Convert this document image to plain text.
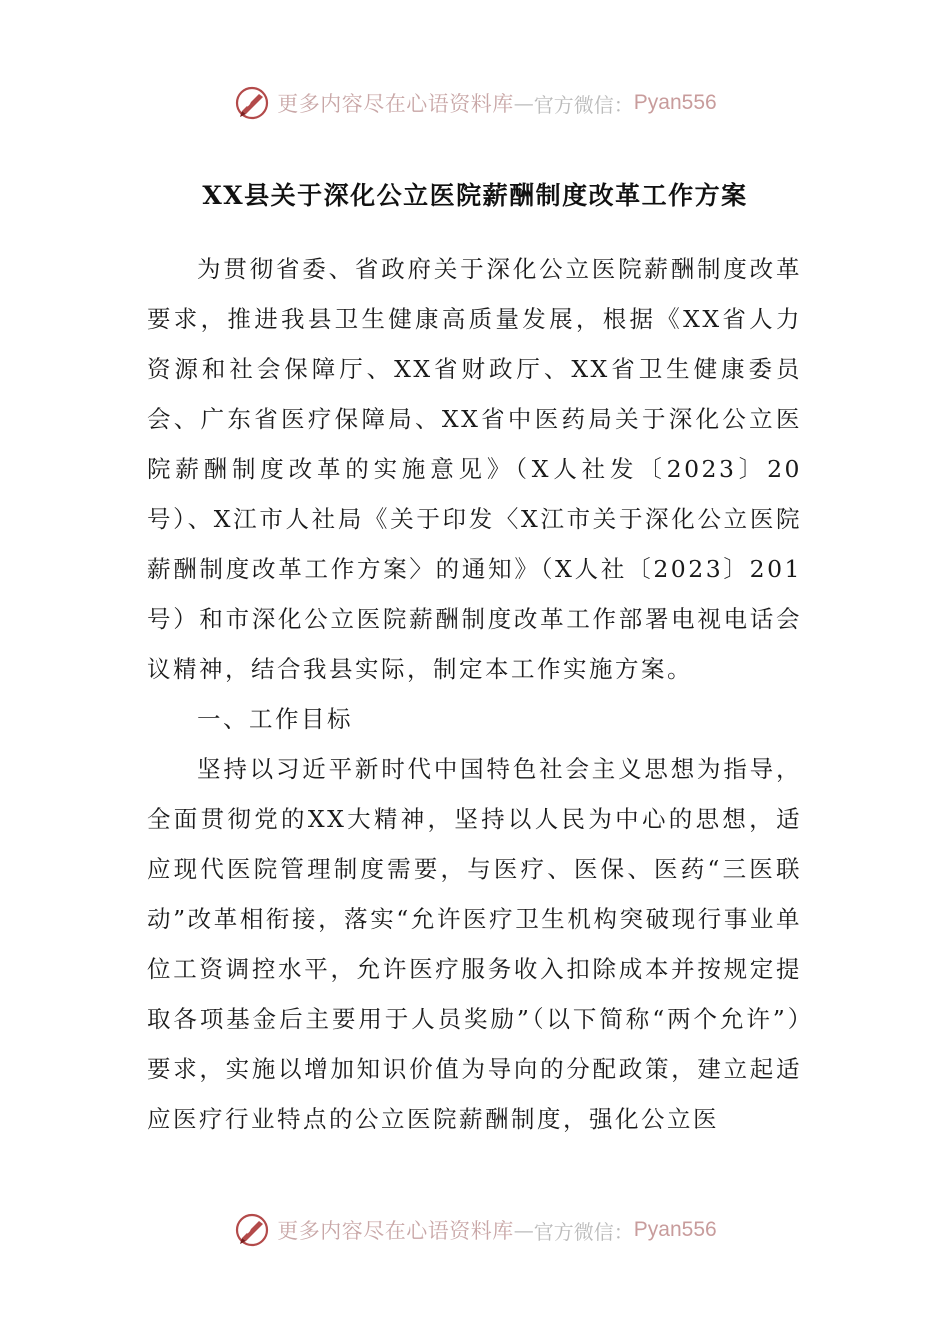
更多内容尽在心语资料库 — 官方微信： Pyan556
XX县关于深化公立医院薪酬制度改革工作方案

为贯彻省委、省政府关于深化公立医院薪酬制度改革要求，推进我县卫生健康高质量发展，根据《XX省人力资源和社会保障厅、XX省财政厅、XX省卫生健康委员会、广东省医疗保障局、XX省中医药局关于深化公立医院薪酬制度改革的实施意见》（X人社发〔2023〕20号）、X江市人社局《关于印发〈X江市关于深化公立医院薪酬制度改革工作方案〉的通知》（X人社〔2023〕201号）和市深化公立医院薪酬制度改革工作部署电视电话会议精神，结合我县实际，制定本工作实施方案。

一、工作目标

坚持以习近平新时代中国特色社会主义思想为指导，全面贯彻党的XX大精神，坚持以人民为中心的思想，适应现代医院管理制度需要，与医疗、医保、医药“三医联动”改革相衔接，落实“允许医疗卫生机构突破现行事业单位工资调控水平，允许医疗服务收入扣除成本并按规定提取各项基金后主要用于人员奖励”（以下简称“两个允许”）要求，实施以增加知识价值为导向的分配政策，建立起适应医疗行业特点的公立医院薪酬制度，强化公立医

更多内容尽在心语资料库 — 官方微信： Pyan556
